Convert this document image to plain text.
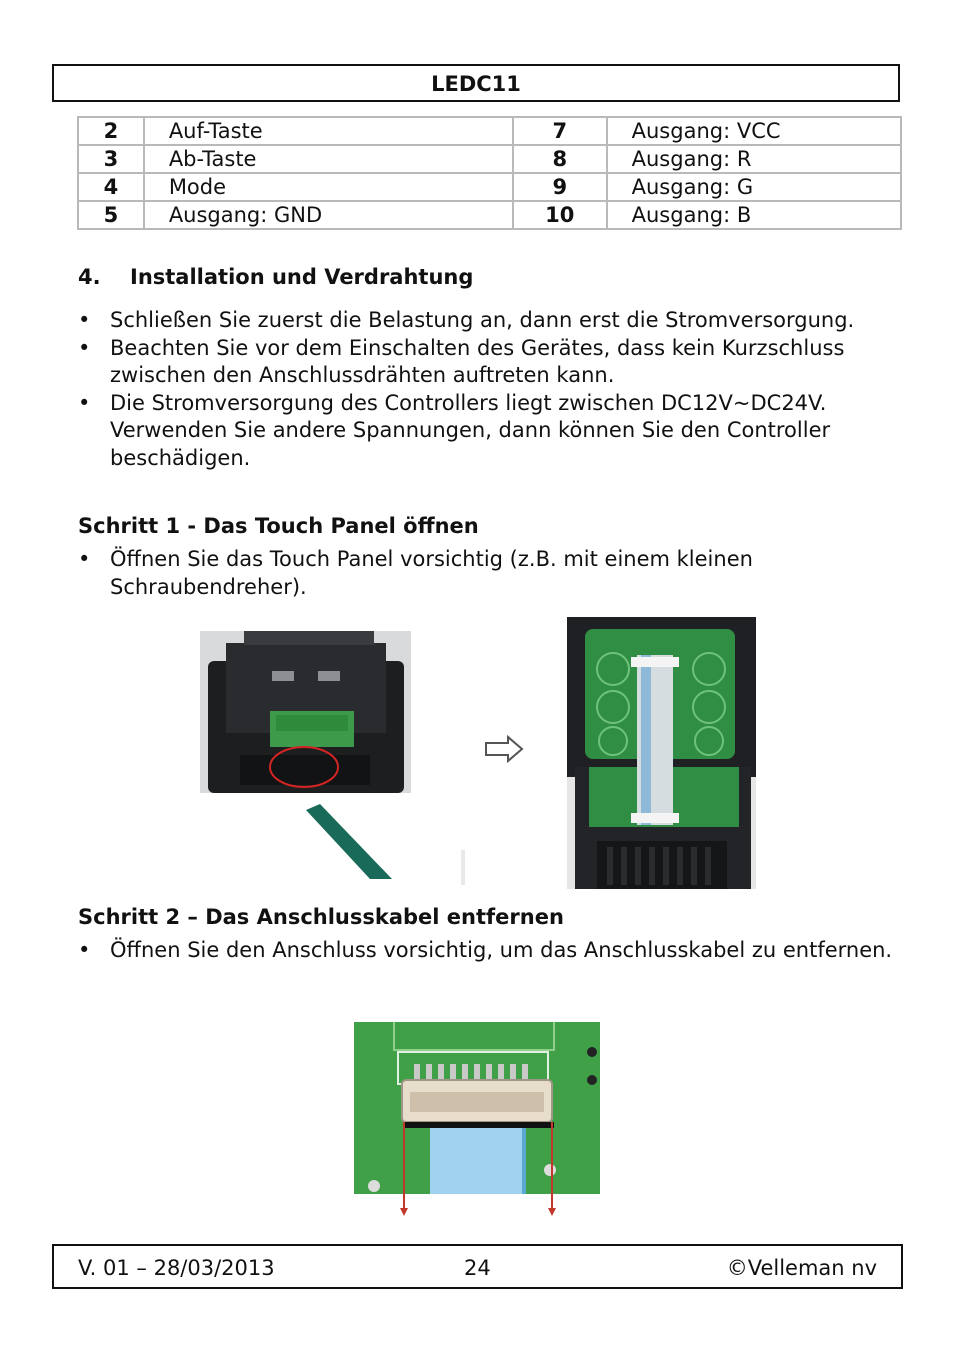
LEDC11
2	Auf-Taste	7	Ausgang: VCC
3	Ab-Taste	8	Ausgang: R
4	Mode	9	Ausgang: G
5	Ausgang: GND	10	Ausgang: B
4. Installation und Verdrahtung
• Schließen Sie zuerst die Belastung an, dann erst die Stromversorgung.
• Beachten Sie vor dem Einschalten des Gerätes, dass kein Kurzschluss zwischen den Anschlussdrähten auftreten kann.
• Die Stromversorgung des Controllers liegt zwischen DC12V~DC24V. Verwenden Sie andere Spannungen, dann können Sie den Controller beschädigen.
Schritt 1 - Das Touch Panel öffnen
• Öffnen Sie das Touch Panel vorsichtig (z.B. mit einem kleinen Schraubendreher).
Schritt 2 – Das Anschlusskabel entfernen
• Öffnen Sie den Anschluss vorsichtig, um das Anschlusskabel zu entfernen.
V. 01 – 28/03/2013	24	©Velleman nv
